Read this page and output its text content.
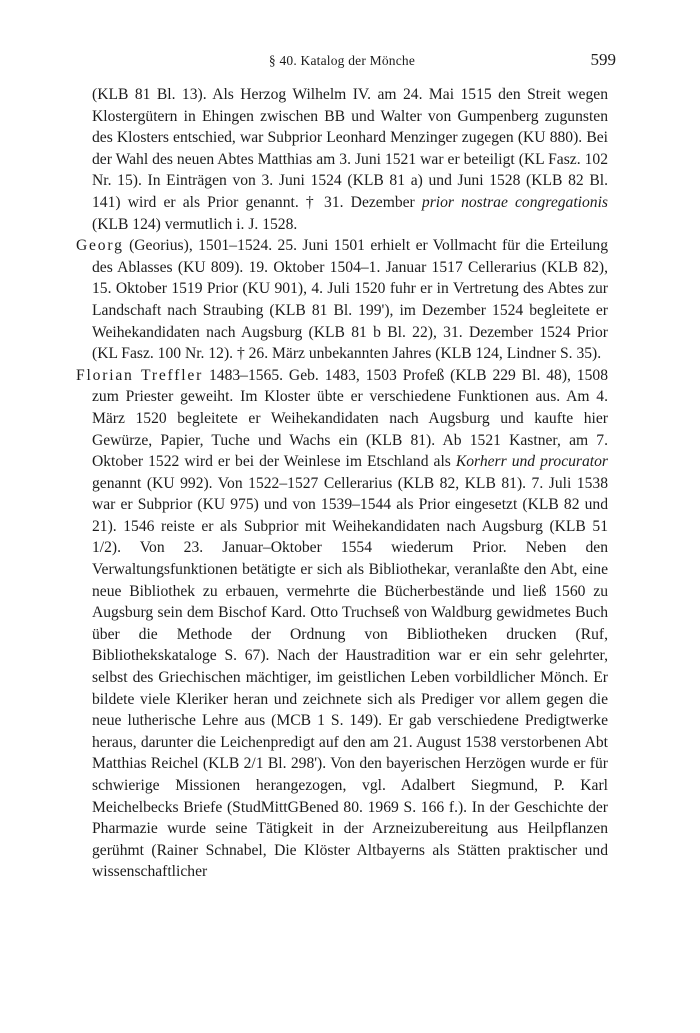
§ 40. Katalog der Mönche	599

(KLB 81 Bl. 13). Als Herzog Wilhelm IV. am 24. Mai 1515 den Streit wegen Klostergütern in Ehingen zwischen BB und Walter von Gumpenberg zugunsten des Klosters entschied, war Subprior Leonhard Menzinger zugegen (KU 880). Bei der Wahl des neuen Abtes Matthias am 3. Juni 1521 war er beteiligt (KL Fasz. 102 Nr. 15). In Einträgen von 3. Juni 1524 (KLB 81 a) und Juni 1528 (KLB 82 Bl. 141) wird er als Prior genannt. † 31. Dezember prior nostrae congregationis (KLB 124) vermutlich i. J. 1528.

Georg (Georius), 1501–1524. 25. Juni 1501 erhielt er Vollmacht für die Erteilung des Ablasses (KU 809). 19. Oktober 1504–1. Januar 1517 Cellerarius (KLB 82), 15. Oktober 1519 Prior (KU 901), 4. Juli 1520 fuhr er in Vertretung des Abtes zur Landschaft nach Straubing (KLB 81 Bl. 199'), im Dezember 1524 begleitete er Weihekandidaten nach Augsburg (KLB 81 b Bl. 22), 31. Dezember 1524 Prior (KL Fasz. 100 Nr. 12). † 26. März unbekannten Jahres (KLB 124, Lindner S. 35).

Florian Treffler 1483–1565. Geb. 1483, 1503 Profeß (KLB 229 Bl. 48), 1508 zum Priester geweiht. Im Kloster übte er verschiedene Funktionen aus. Am 4. März 1520 begleitete er Weihekandidaten nach Augsburg und kaufte hier Gewürze, Papier, Tuche und Wachs ein (KLB 81). Ab 1521 Kastner, am 7. Oktober 1522 wird er bei der Weinlese im Etschland als Korherr und procurator genannt (KU 992). Von 1522–1527 Cellerarius (KLB 82, KLB 81). 7. Juli 1538 war er Subprior (KU 975) und von 1539–1544 als Prior eingesetzt (KLB 82 und 21). 1546 reiste er als Subprior mit Weihekandidaten nach Augsburg (KLB 51 1/2). Von 23. Januar–Oktober 1554 wiederum Prior. Neben den Verwaltungsfunktionen betätigte er sich als Bibliothekar, veranlaßte den Abt, eine neue Bibliothek zu erbauen, vermehrte die Bücherbestände und ließ 1560 zu Augsburg sein dem Bischof Kard. Otto Truchseß von Waldburg gewidmetes Buch über die Methode der Ordnung von Bibliotheken drucken (Ruf, Bibliothekskataloge S. 67). Nach der Haustradition war er ein sehr gelehrter, selbst des Griechischen mächtiger, im geistlichen Leben vorbildlicher Mönch. Er bildete viele Kleriker heran und zeichnete sich als Prediger vor allem gegen die neue lutherische Lehre aus (MCB 1 S. 149). Er gab verschiedene Predigtwerke heraus, darunter die Leichenpredigt auf den am 21. August 1538 verstorbenen Abt Matthias Reichel (KLB 2/1 Bl. 298'). Von den bayerischen Herzögen wurde er für schwierige Missionen herangezogen, vgl. Adalbert Siegmund, P. Karl Meichelbecks Briefe (StudMittGBened 80. 1969 S. 166 f.). In der Geschichte der Pharmazie wurde seine Tätigkeit in der Arzneizubereitung aus Heilpflanzen gerühmt (Rainer Schnabel, Die Klöster Altbayerns als Stätten praktischer und wissenschaftlicher
